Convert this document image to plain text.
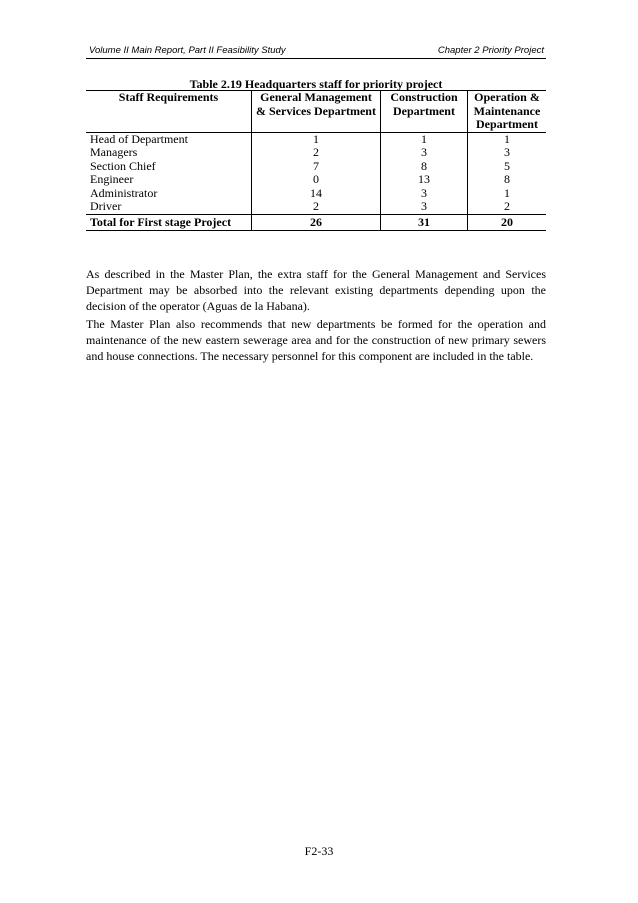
Volume II Main Report, Part II Feasibility Study	Chapter 2 Priority Project
Table 2.19 Headquarters staff for priority project
Staff Requirements	General Management & Services Department	Construction Department	Operation & Maintenance Department
Head of Department	1	1	1
Managers	2	3	3
Section Chief	7	8	5
Engineer	0	13	8
Administrator	14	3	1
Driver	2	3	2
Total for First stage Project	26	31	20

As described in the Master Plan, the extra staff for the General Management and Services Department may be absorbed into the relevant existing departments depending upon the decision of the operator (Aguas de la Habana).

The Master Plan also recommends that new departments be formed for the operation and maintenance of the new eastern sewerage area and for the construction of new primary sewers and house connections. The necessary personnel for this component are included in the table.

F2-33
